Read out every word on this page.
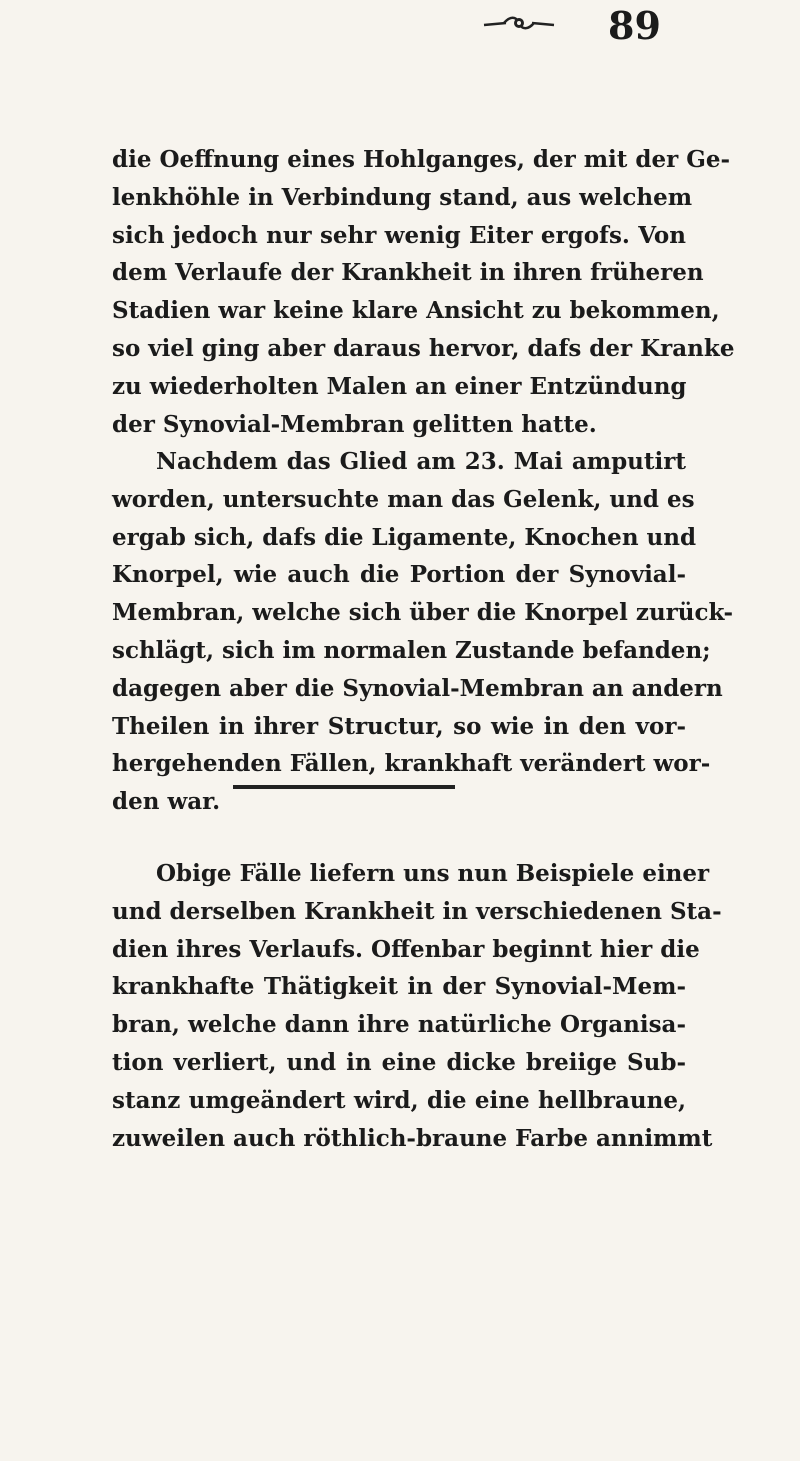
89
die Oeffnung eines Hohlganges, der mit der Ge-
lenkhöhle in Verbindung stand, aus welchem
sich jedoch nur sehr wenig Eiter ergofs. Von
dem Verlaufe der Krankheit in ihren früheren
Stadien war keine klare Ansicht zu bekommen,
so viel ging aber daraus hervor, dafs der Kranke
zu wiederholten Malen an einer Entzündung
der Synovial-Membran gelitten hatte.
Nachdem das Glied am 23. Mai amputirt
worden, untersuchte man das Gelenk, und es
ergab sich, dafs die Ligamente, Knochen und
Knorpel, wie auch die Portion der Synovial-
Membran, welche sich über die Knorpel zurück-
schlägt, sich im normalen Zustande befanden;
dagegen aber die Synovial-Membran an andern
Theilen in ihrer Structur, so wie in den vor-
hergehenden Fällen, krankhaft verändert wor-
den war.
Obige Fälle liefern uns nun Beispiele einer
und derselben Krankheit in verschiedenen Sta-
dien ihres Verlaufs. Offenbar beginnt hier die
krankhafte Thätigkeit in der Synovial-Mem-
bran, welche dann ihre natürliche Organisa-
tion verliert, und in eine dicke breiige Sub-
stanz umgeändert wird, die eine hellbraune,
zuweilen auch röthlich-braune Farbe annimmt
